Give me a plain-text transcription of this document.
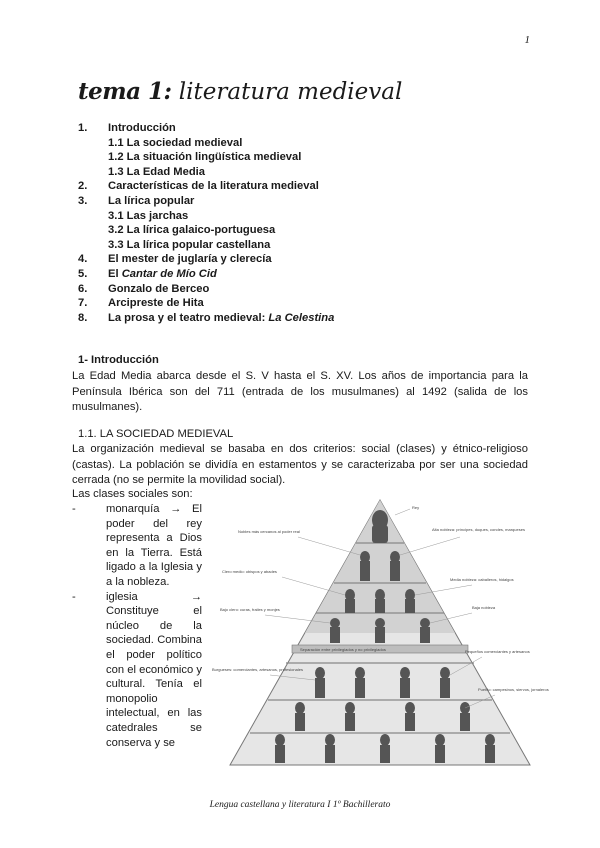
1
tema 1: literatura medieval
1.	Introducción
1.1 La sociedad medieval
1.2 La situación lingüística medieval
1.3 La Edad Media
2.	Características de la literatura medieval
3.	La lírica popular
3.1 Las jarchas
3.2 La lírica galaico-portuguesa
3.3 La lírica popular castellana
4.	El mester de juglaría y clerecía
5.	El Cantar de Mío Cid
6.	Gonzalo de Berceo
7.	Arcipreste de Hita
8.	La prosa y el teatro medieval: La Celestina
1- Introducción
La Edad Media abarca desde el S. V hasta el S. XV. Los años de importancia para la Península Ibérica son del 711 (entrada de los musulmanes) al 1492 (salida de los musulmanes).
1.1. LA SOCIEDAD MEDIEVAL
La organización medieval se basaba en dos criterios: social (clases) y étnico-religioso (castas). La población se dividía en estamentos y se caracterizaba por ser una sociedad cerrada (no se permite la movilidad social).
Las clases sociales son:
-	monarquía → El poder del rey representa a Dios en la Tierra. Está ligado a la Iglesia y a la nobleza.
-	iglesia → Constituye el núcleo de la sociedad. Combina el poder político con el económico y cultural. Tenía el monopolio intelectual, en las catedrales se conserva y se
Rey
Nobles más cercanos al poder real	Alta nobleza: príncipes, duques, condes, marqueses
Clero medio: obispos y abades
Media nobleza: caballeros, hidalgos
Bajo clero: curas, frailes y monjes	Baja nobleza
Separación entre privilegiados y no privilegiados
Burgueses: comerciantes, artesanos, profesionales
Pequeños comerciantes y artesanos
Pueblo: campesinos, siervos, jornaleros
Lengua castellana y literatura I 1º Bachillerato
